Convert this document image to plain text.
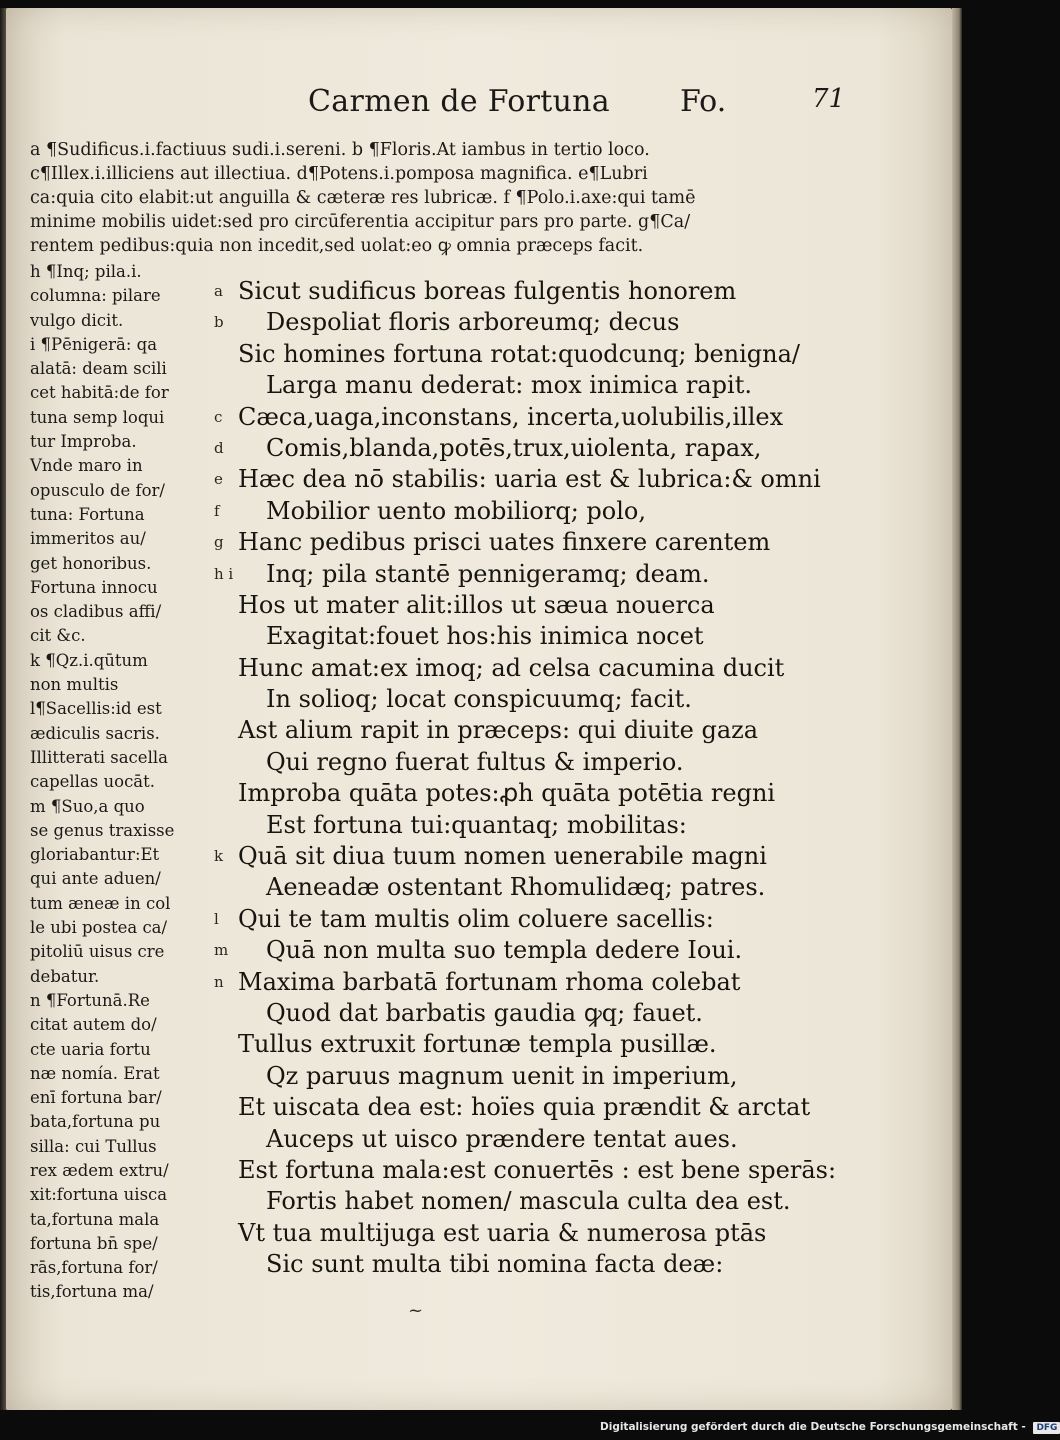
Carmen de Fortuna Fo.	71
a ¶Sudificus.i.factiuus sudi.i.sereni. b ¶Floris.At iambus in tertio loco.
c¶Illex.i.illiciens aut illectiua. d¶Potens.i.pomposa magnifica. e¶Lubri
ca:quia cito elabit:ut anguilla & cæteræ res lubricæ. f ¶Polo.i.axe:qui tamē
minime mobilis uidet:sed pro circūferentia accipitur pars pro parte. g¶Ca/
rentem pedibus:quia non incedit,sed uolat:eo ꝙ omnia præceps facit.
h ¶Inq; pila.i.
columna: pilare
vulgo dicit.
i ¶Pēnigerā: qa
alatā: deam scili
cet habitā:de for
tuna semp loqui
tur Improba.
Vnde maro in
opusculo de for/
tuna: Fortuna
immeritos au/
get honoribus.
Fortuna innocu
os cladibus affi/
cit &c.
k ¶Qz.i.qūtum
non multis
l¶Sacellis:id est
ædiculis sacris.
Illitterati sacella
capellas uocāt.
m ¶Suo,a quo
se genus traxisse
gloriabantur:Et
qui ante aduen/
tum æneæ in col
le ubi postea ca/
pitoliū uisus cre
debatur.
n ¶Fortunā.Re
citat autem do/
cte uaria fortu
næ nomía. Erat
enī fortuna bar/
bata,fortuna pu
silla: cui Tullus
rex ædem extru/
xit:fortuna uisca
ta,fortuna mala
fortuna bn̄ spe/
rās,fortuna for/
tis,fortuna ma/
a Sicut sudificus boreas fulgentis honorem
b	Despoliat floris arboreumq; decus
Sic homines fortuna rotat:quodcunq; benigna/
Larga manu dederat: mox inimica rapit.
c Cæca,uaga,inconstans, incerta,uolubilis,illex
d	Comis,blanda,potēs,trux,uiolenta, rapax,
e Hæc dea nō stabilis: uaria est & lubrica:& omni
f	Mobilior uento mobiliorq; polo,
g Hanc pedibus prisci uates finxere carentem
h i Inq; pila stantē pennigeramq; deam.
Hos ut mater alit:illos ut sæua nouerca
Exagitat:fouet hos:his inimica nocet
Hunc amat:ex imoq; ad celsa cacumina ducit
In solioq; locat conspicuumq; facit.
Ast alium rapit in præceps: qui diuite gaza
Qui regno fuerat fultus & imperio.
Improba quāta potes:ꝓh quāta potētia regni
Est fortuna tui:quantaq; mobilitas:
k Quā sit diua tuum nomen uenerabile magni
Aeneadæ ostentant Rhomulidæq; patres.
l Qui te tam multis olim coluere sacellis:
m Quā non multa suo templa dedere Ioui.
n Maxima barbatā fortunam rhoma colebat
Quod dat barbatis gaudia ꝙq; fauet.
Tullus extruxit fortunæ templa pusillæ.
Qz paruus magnum uenit in imperium,
Et uiscata dea est: hoïes quia prændit & arctat
Auceps ut uisco prændere tentat aues.
Est fortuna mala:est conuertēs : est bene sperās:
Fortis habet nomen/ mascula culta dea est.
Vt tua multijuga est uaria & numerosa ptās
Sic sunt multa tibi nomina facta deæ:
~
Digitalisierung gefördert durch die Deutsche Forschungsgemeinschaft - DFG
